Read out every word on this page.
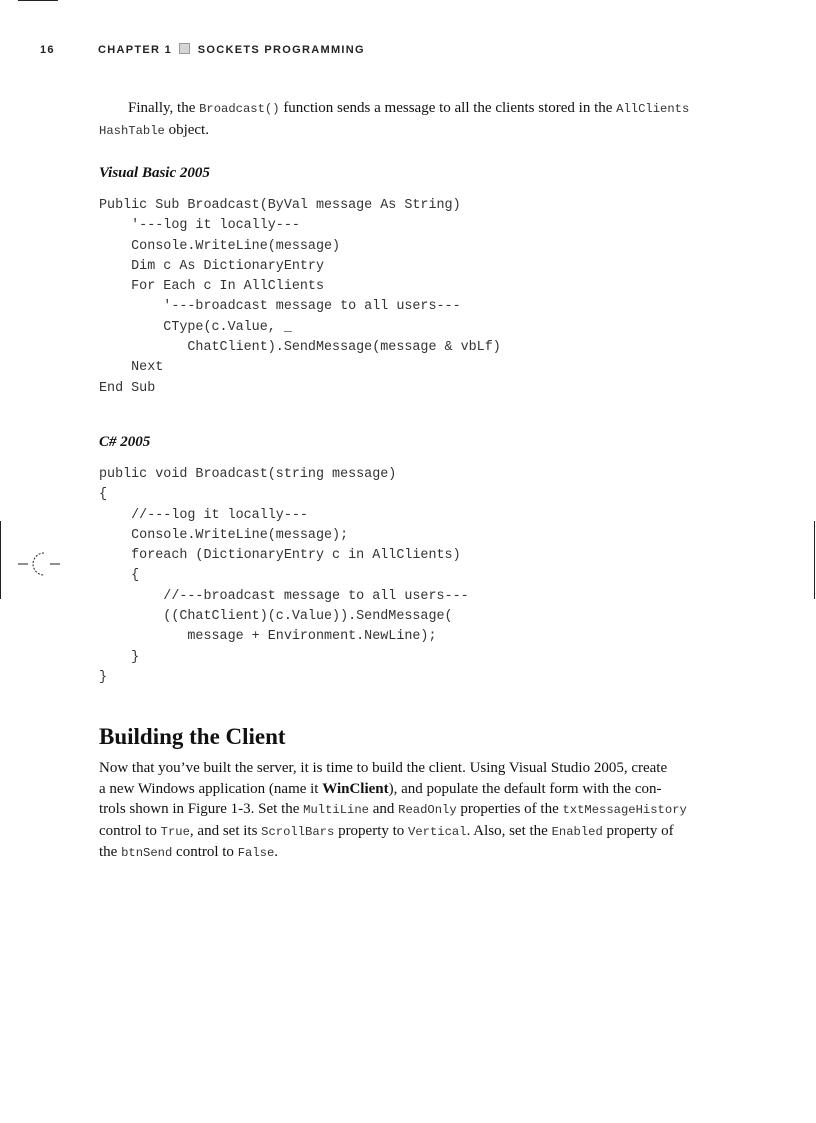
16	CHAPTER 1 SOCKETS PROGRAMMING
Finally, the Broadcast() function sends a message to all the clients stored in the AllClients
HashTable object.
Visual Basic 2005
Public Sub Broadcast(ByVal message As String)
'---log it locally---
Console.WriteLine(message)
Dim c As DictionaryEntry
For Each c In AllClients
'---broadcast message to all users---
CType(c.Value, _
ChatClient).SendMessage(message & vbLf)
Next
End Sub
C# 2005
public void Broadcast(string message)
{
//---log it locally---
Console.WriteLine(message);
foreach (DictionaryEntry c in AllClients)
{
//---broadcast message to all users---
((ChatClient)(c.Value)).SendMessage(
message + Environment.NewLine);
}
}
Building the Client
Now that you’ve built the server, it is time to build the client. Using Visual Studio 2005, create
a new Windows application (name it WinClient), and populate the default form with the con-
trols shown in Figure 1-3. Set the MultiLine and ReadOnly properties of the txtMessageHistory
control to True, and set its ScrollBars property to Vertical. Also, set the Enabled property of
the btnSend control to False.
